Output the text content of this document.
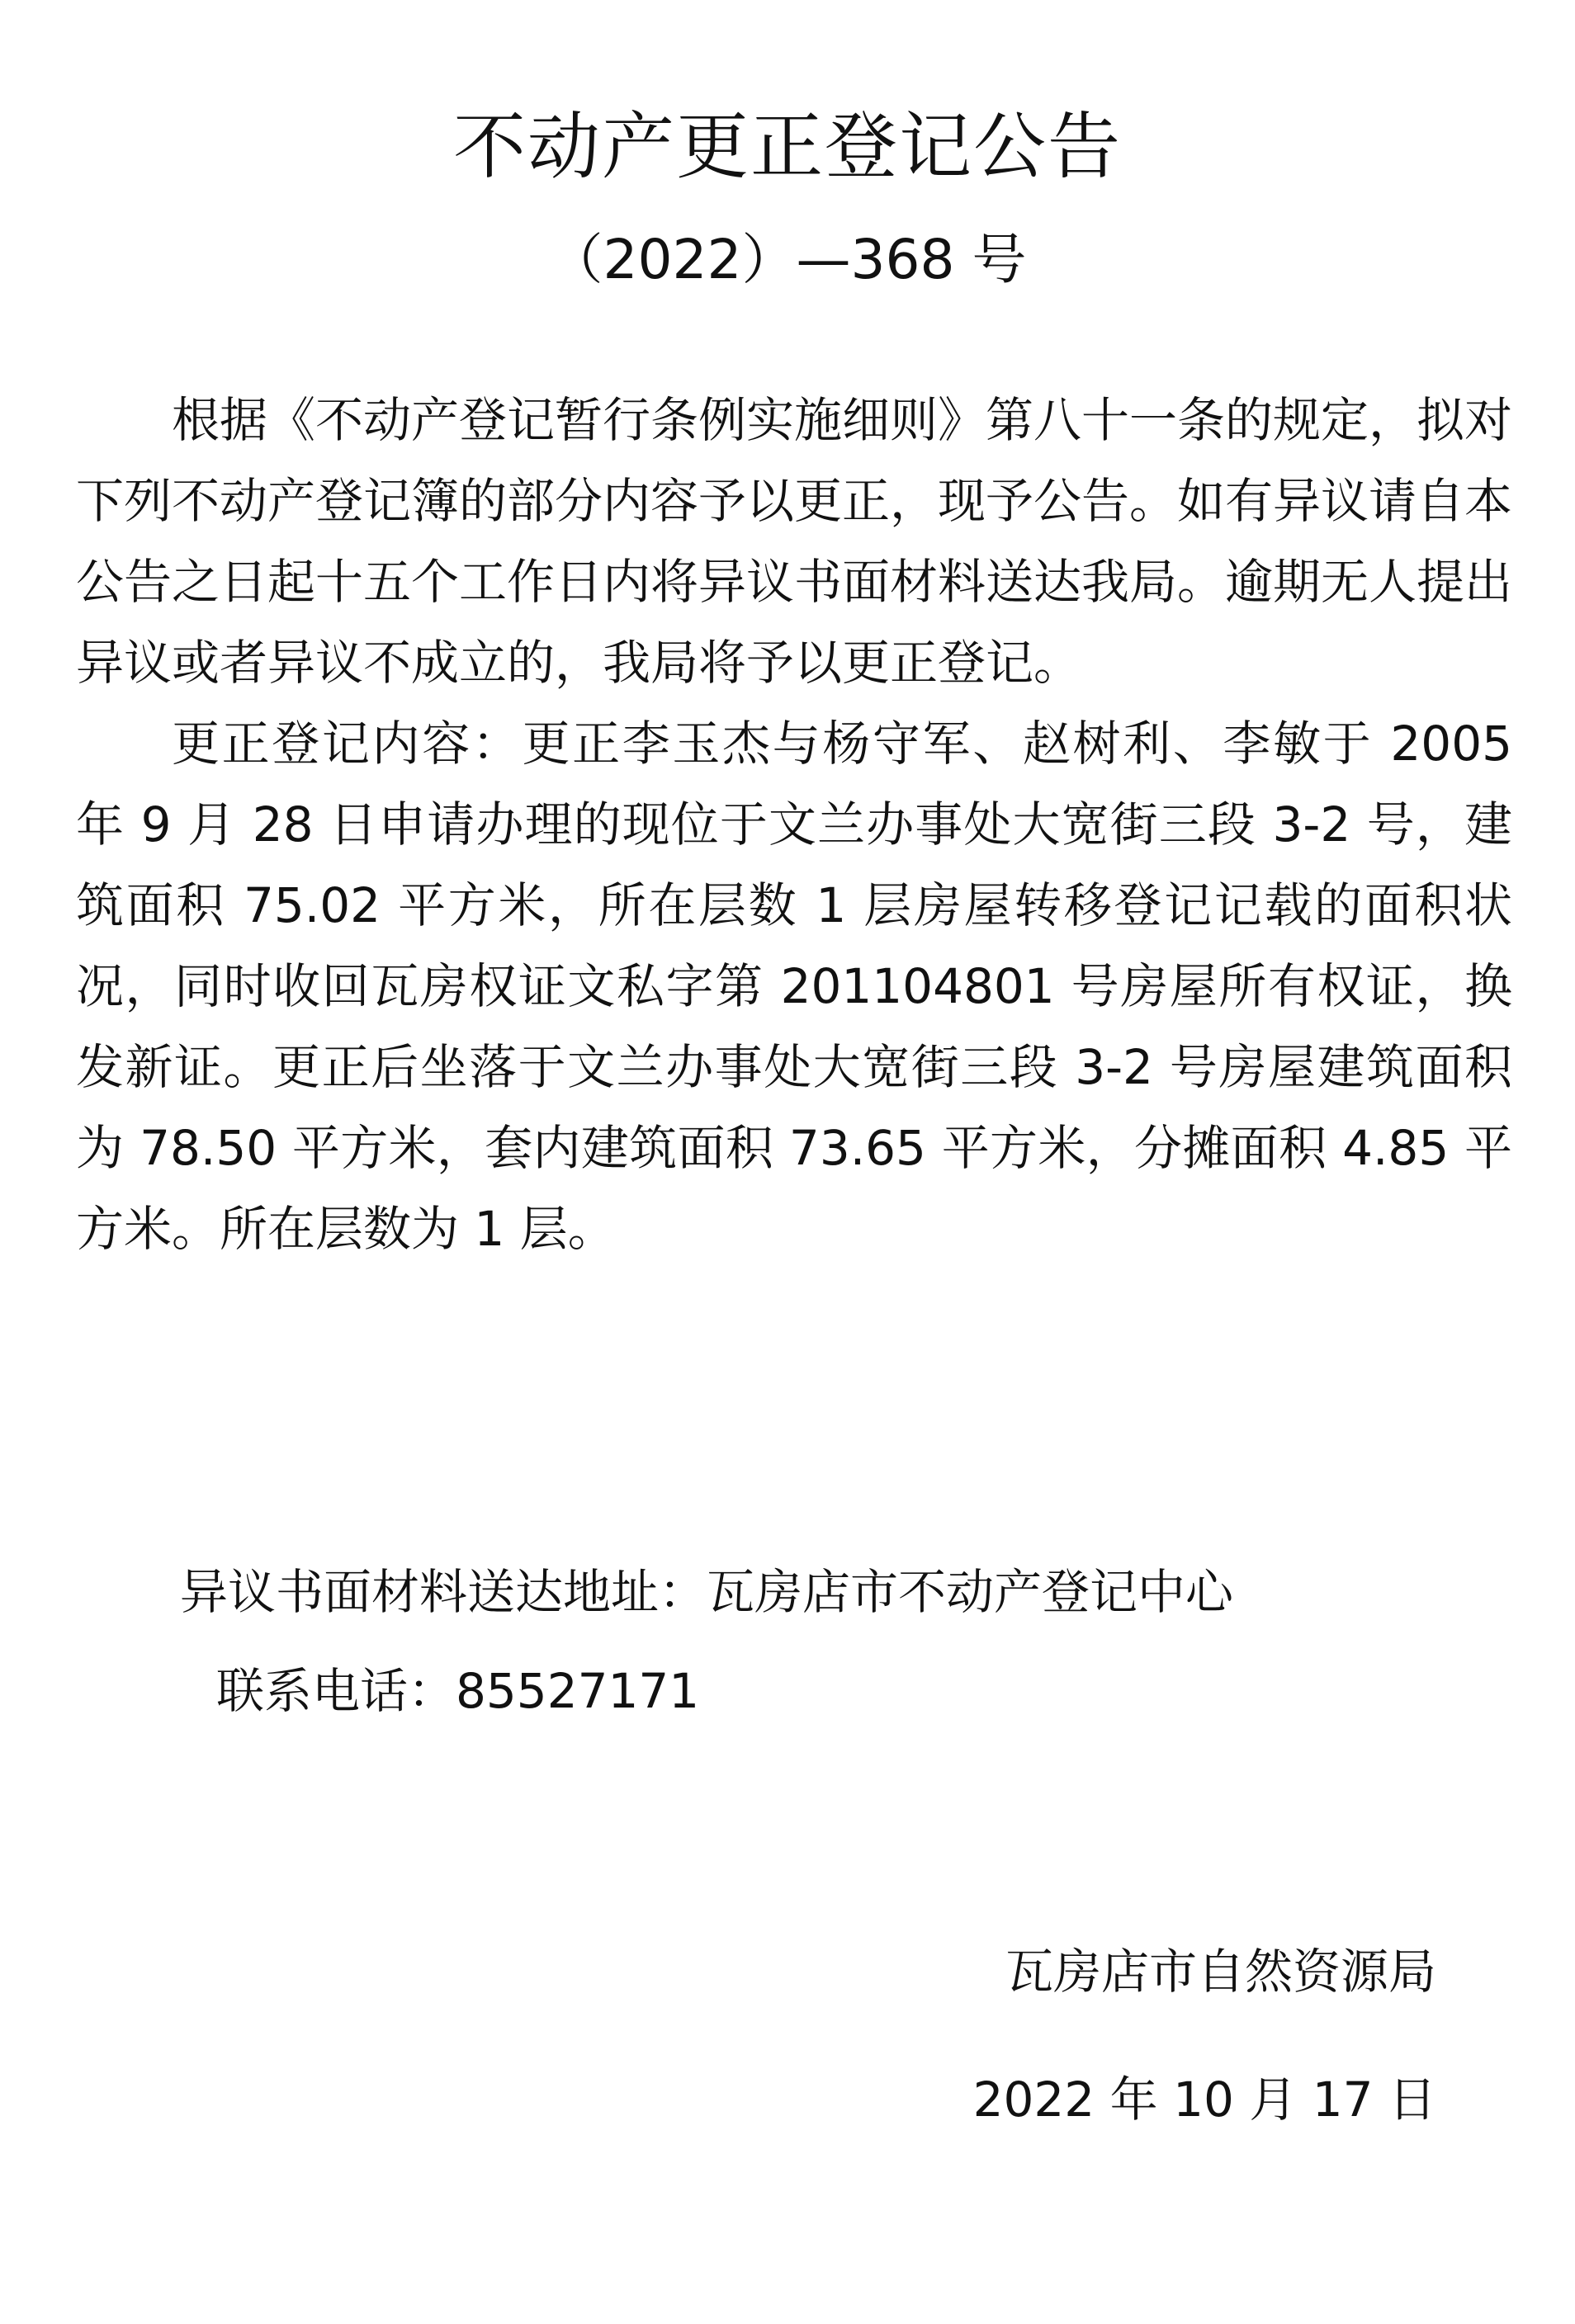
不动产更正登记公告
（2022）—368 号

根据《不动产登记暂行条例实施细则》第八十一条的规定，拟对下列不动产登记簿的部分内容予以更正，现予公告。如有异议请自本公告之日起十五个工作日内将异议书面材料送达我局。逾期无人提出异议或者异议不成立的，我局将予以更正登记。

更正登记内容：更正李玉杰与杨守军、赵树利、李敏于 2005 年 9 月 28 日申请办理的现位于文兰办事处大宽街三段 3-2 号，建筑面积 75.02 平方米，所在层数 1 层房屋转移登记记载的面积状况，同时收回瓦房权证文私字第 201104801 号房屋所有权证，换发新证。更正后坐落于文兰办事处大宽街三段 3-2 号房屋建筑面积为 78.50 平方米，套内建筑面积 73.65 平方米，分摊面积 4.85 平方米。所在层数为 1 层。

异议书面材料送达地址：瓦房店市不动产登记中心
联系电话：85527171
瓦房店市自然资源局
2022 年 10 月 17 日
